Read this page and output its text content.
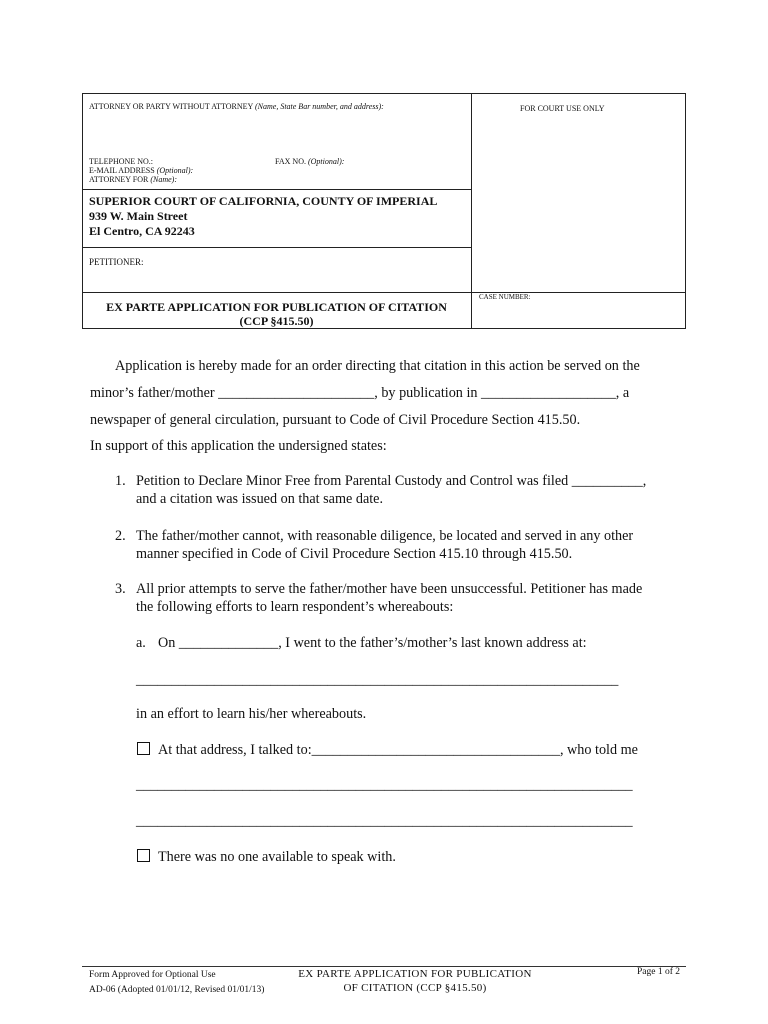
ATTORNEY OR PARTY WITHOUT ATTORNEY (Name, State Bar number, and address):	FOR COURT USE ONLY
TELEPHONE NO.:	FAX NO. (Optional):
E-MAIL ADDRESS (Optional):
ATTORNEY FOR (Name):
SUPERIOR COURT OF CALIFORNIA, COUNTY OF IMPERIAL
939 W. Main Street
El Centro, CA 92243
PETITIONER:
EX PARTE APPLICATION FOR PUBLICATION OF CITATION
(CCP §415.50)
CASE NUMBER:
Application is hereby made for an order directing that citation in this action be served on the
minor’s father/mother ______________________, by publication in ___________________, a
newspaper of general circulation, pursuant to Code of Civil Procedure Section 415.50.
In support of this application the undersigned states:
1. Petition to Declare Minor Free from Parental Custody and Control was filed __________,
and a citation was issued on that same date.
2. The father/mother cannot, with reasonable diligence, be located and served in any other
manner specified in Code of Civil Procedure Section 415.10 through 415.50.
3. All prior attempts to serve the father/mother have been unsuccessful. Petitioner has made
the following efforts to learn respondent’s whereabouts:
a. On ______________, I went to the father’s/mother’s last known address at:
____________________________________________________________________
in an effort to learn his/her whereabouts.
At that address, I talked to:___________________________________, who told me
______________________________________________________________________
______________________________________________________________________
There was no one available to speak with.
Form Approved for Optional Use
AD-06 (Adopted 01/01/12, Revised 01/01/13)
EX PARTE APPLICATION FOR PUBLICATION
OF CITATION (CCP §415.50)
Page 1 of 2
